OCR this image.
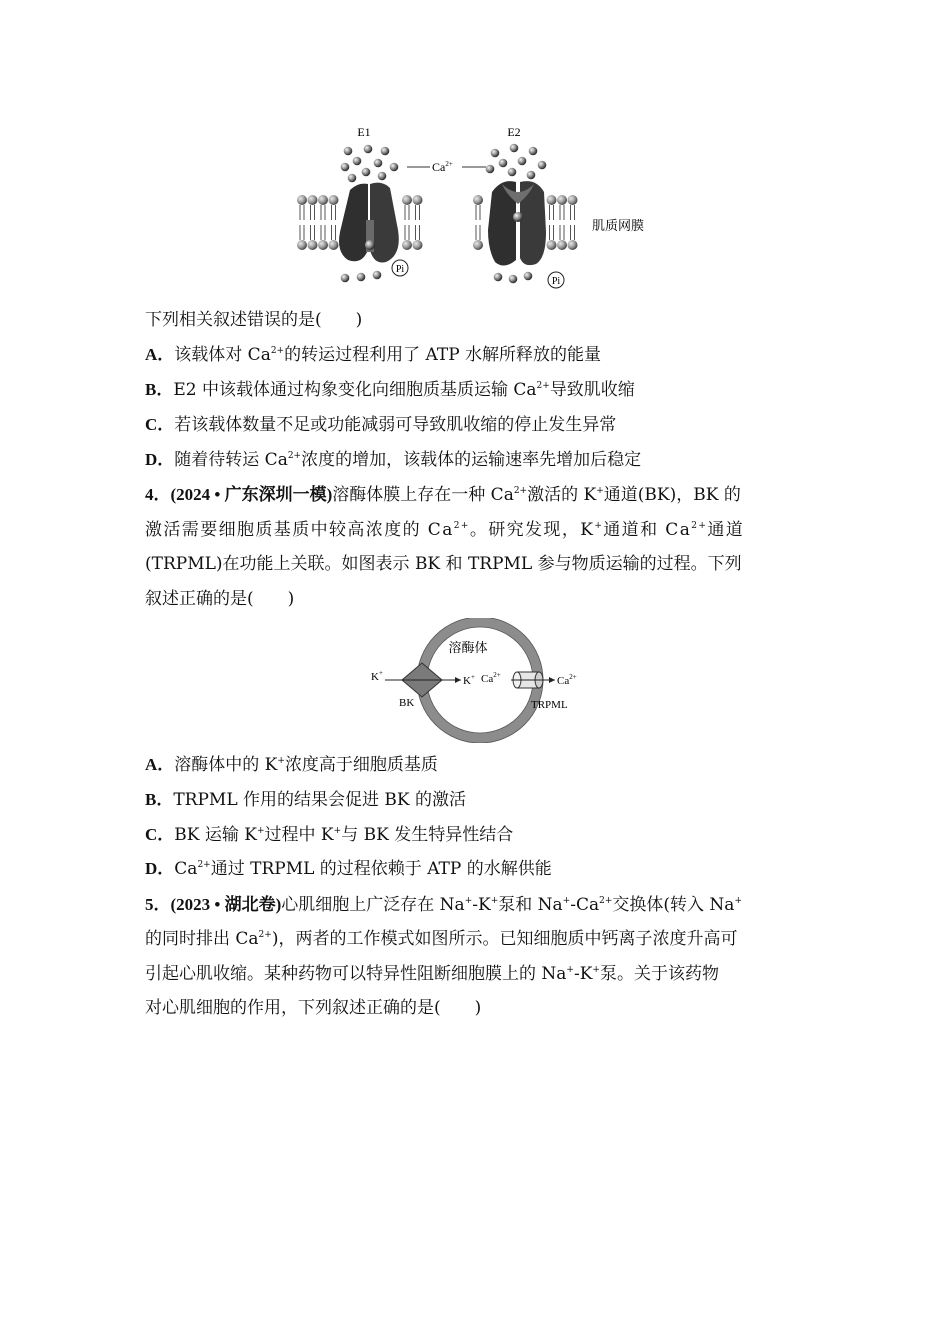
E1	E2
$Ca^{2+}$
Pi
Pi
肌质网膜
下列相关叙述错误的是( )
A．该载体对 $Ca^{2+}$的转运过程利用了 ATP 水解所释放的能量
B．E2 中该载体通过构象变化向细胞质基质运输 $Ca^{2+}$导致肌收缩
C．若该载体数量不足或功能减弱可导致肌收缩的停止发生异常
D．随着待转运 $Ca^{2+}$浓度的增加，该载体的运输速率先增加后稳定
4．(2024 • 广东深圳一模)溶酶体膜上存在一种 $Ca^{2+}$激活的 K+通道(BK)，BK 的
激活需要细胞质基质中较高浓度的 $Ca^{2+}$。研究发现，K+通道和 $Ca^{2+}$通道
(TRPML)在功能上关联。如图表示 BK 和 TRPML 参与物质运输的过程。下列
叙述正确的是( )
溶酶体
K+
K+
BK
$Ca^{2+}$	$Ca^{2+}$
TRPML
A．溶酶体中的 K+浓度高于细胞质基质
B．TRPML 作用的结果会促进 BK 的激活
C．BK 运输 K+过程中 K+与 BK 发生特异性结合
D．$Ca^{2+}$通过 TRPML 的过程依赖于 ATP 的水解供能
5．(2023 • 湖北卷)心肌细胞上广泛存在 Na+-K+泵和 $Na^+-Ca^{2+}$交换体(转入 Na+
的同时排出 $Ca^{2+}$)，两者的工作模式如图所示。已知细胞质中钙离子浓度升高可
引起心肌收缩。某种药物可以特异性阻断细胞膜上的 Na+-K+泵。关于该药物
对心肌细胞的作用，下列叙述正确的是( )
